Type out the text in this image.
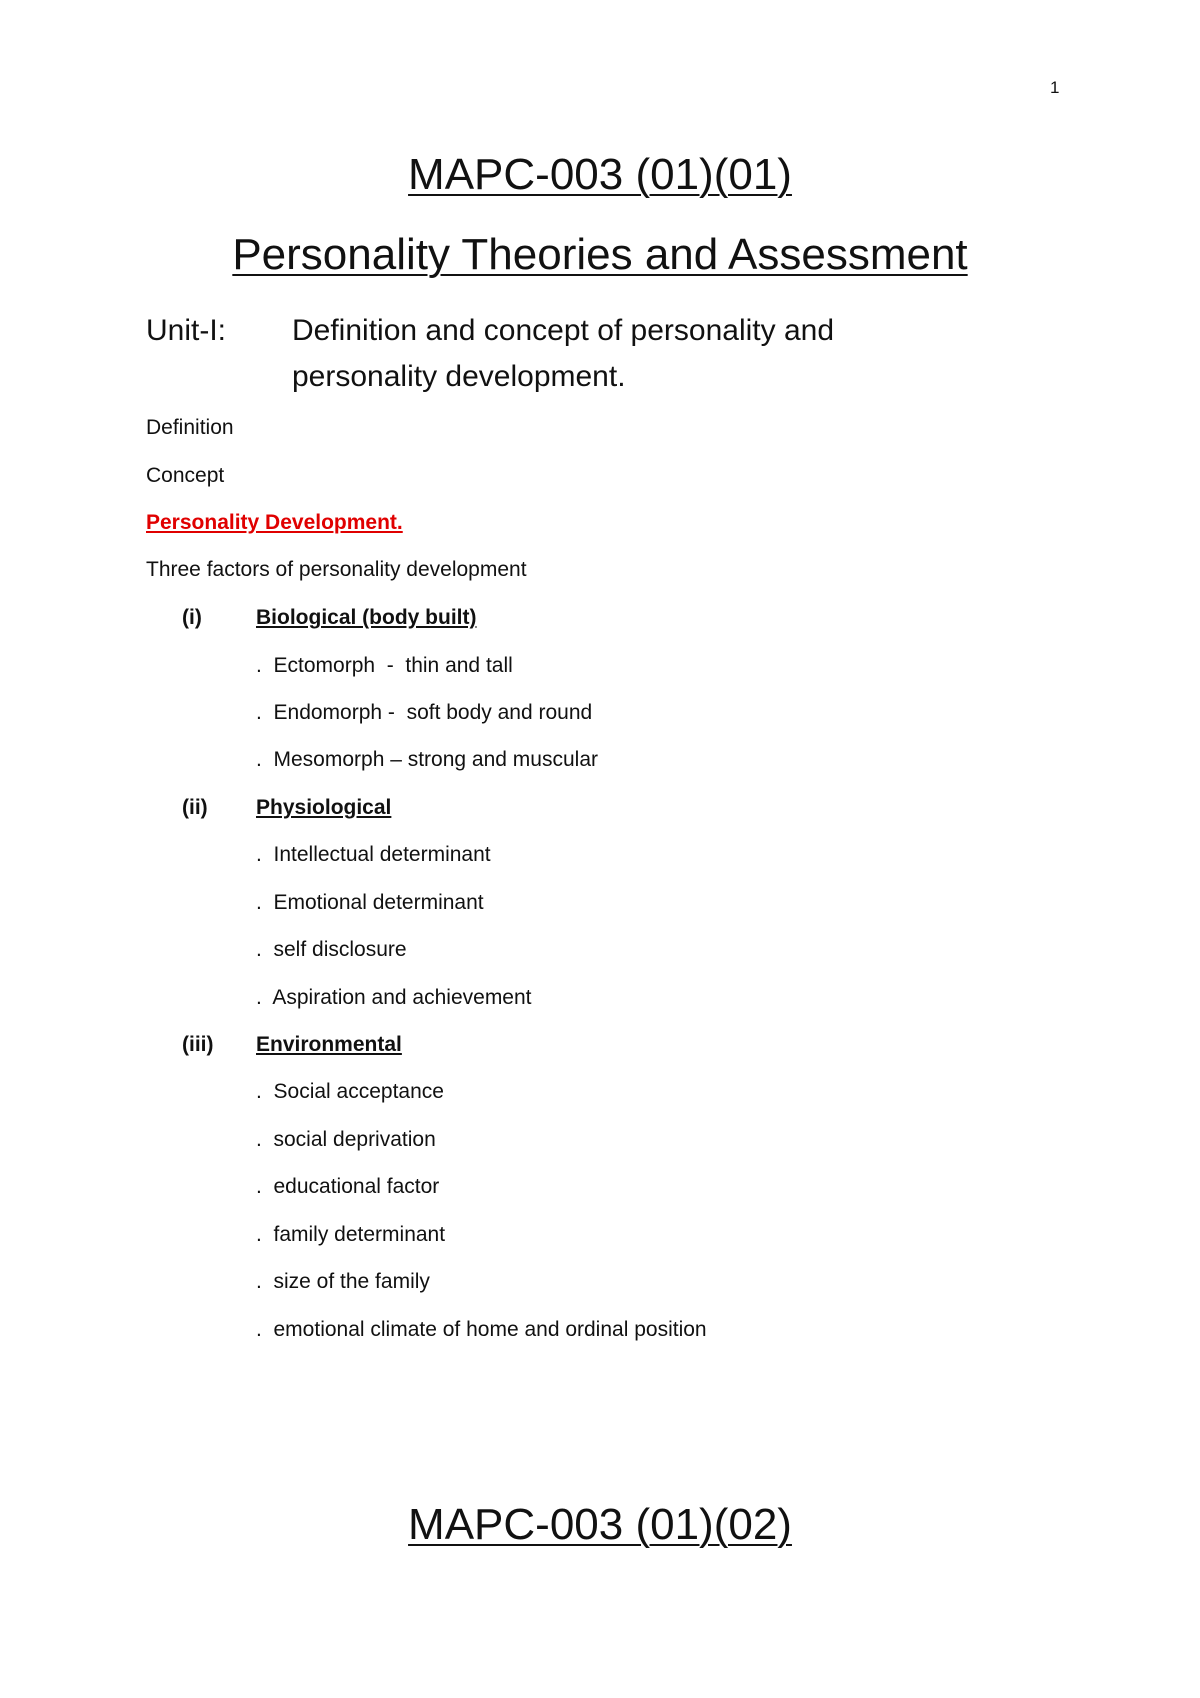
1
MAPC-003 (01)(01)
Personality Theories and Assessment
Unit-I: Definition and concept of personality and
personality development.
Definition
Concept
Personality Development.
Three factors of personality development
(i)	Biological (body built)
.  Ectomorph  -  thin and tall
.  Endomorph -  soft body and round
.  Mesomorph – strong and muscular
(ii) Physiological
.  Intellectual determinant
.  Emotional determinant
.  self disclosure
.  Aspiration and achievement
(iii) Environmental
.  Social acceptance
.  social deprivation
.  educational factor
.  family determinant
.  size of the family
.  emotional climate of home and ordinal position
MAPC-003 (01)(02)
